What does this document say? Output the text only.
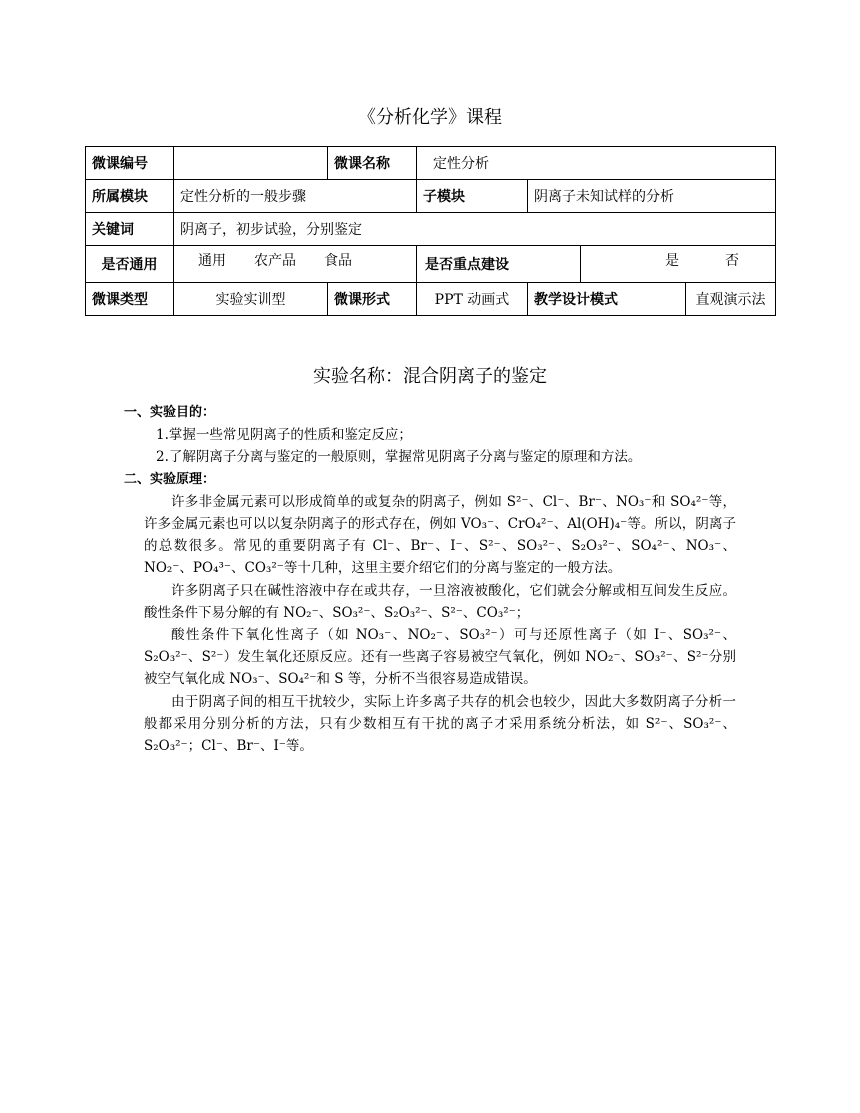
《分析化学》课程
微课编号		微课名称	定性分析			
所属模块	定性分析的一般步骤		子模块	阴离子未知试样的分析		
关键词	阴离子，初步试验，分别鉴定					
是否通用	通用 农产品 食品		是否重点建设		是 否	
微课类型	实验实训型	微课形式	PPT 动画式	教学设计模式		直观演示法
实验名称：混合阴离子的鉴定

一、实验目的：

1.掌握一些常见阴离子的性质和鉴定反应；

2.了解阴离子分离与鉴定的一般原则，掌握常见阴离子分离与鉴定的原理和方法。

二、实验原理：

许多非金属元素可以形成简单的或复杂的阴离子，例如 S²⁻、Cl⁻、Br⁻、NO₃⁻和 SO₄²⁻等，许多金属元素也可以以复杂阴离子的形式存在，例如 VO₃⁻、CrO₄²⁻、Al(OH)₄⁻等。所以，阴离子的总数很多。常见的重要阴离子有 Cl⁻、Br⁻、I⁻、S²⁻、SO₃²⁻、S₂O₃²⁻、SO₄²⁻、NO₃⁻、NO₂⁻、PO₄³⁻、CO₃²⁻等十几种，这里主要介绍它们的分离与鉴定的一般方法。

许多阴离子只在碱性溶液中存在或共存，一旦溶液被酸化，它们就会分解或相互间发生反应。酸性条件下易分解的有 NO₂⁻、SO₃²⁻、S₂O₃²⁻、S²⁻、CO₃²⁻；

酸性条件下氧化性离子（如 NO₃⁻、NO₂⁻、SO₃²⁻）可与还原性离子（如 I⁻、SO₃²⁻、S₂O₃²⁻、S²⁻）发生氧化还原反应。还有一些离子容易被空气氧化，例如 NO₂⁻、SO₃²⁻、S²⁻分别被空气氧化成 NO₃⁻、SO₄²⁻和 S 等，分析不当很容易造成错误。

由于阴离子间的相互干扰较少，实际上许多离子共存的机会也较少，因此大多数阴离子分析一般都采用分别分析的方法，只有少数相互有干扰的离子才采用系统分析法，如 S²⁻、SO₃²⁻、S₂O₃²⁻；Cl⁻、Br⁻、I⁻等。
